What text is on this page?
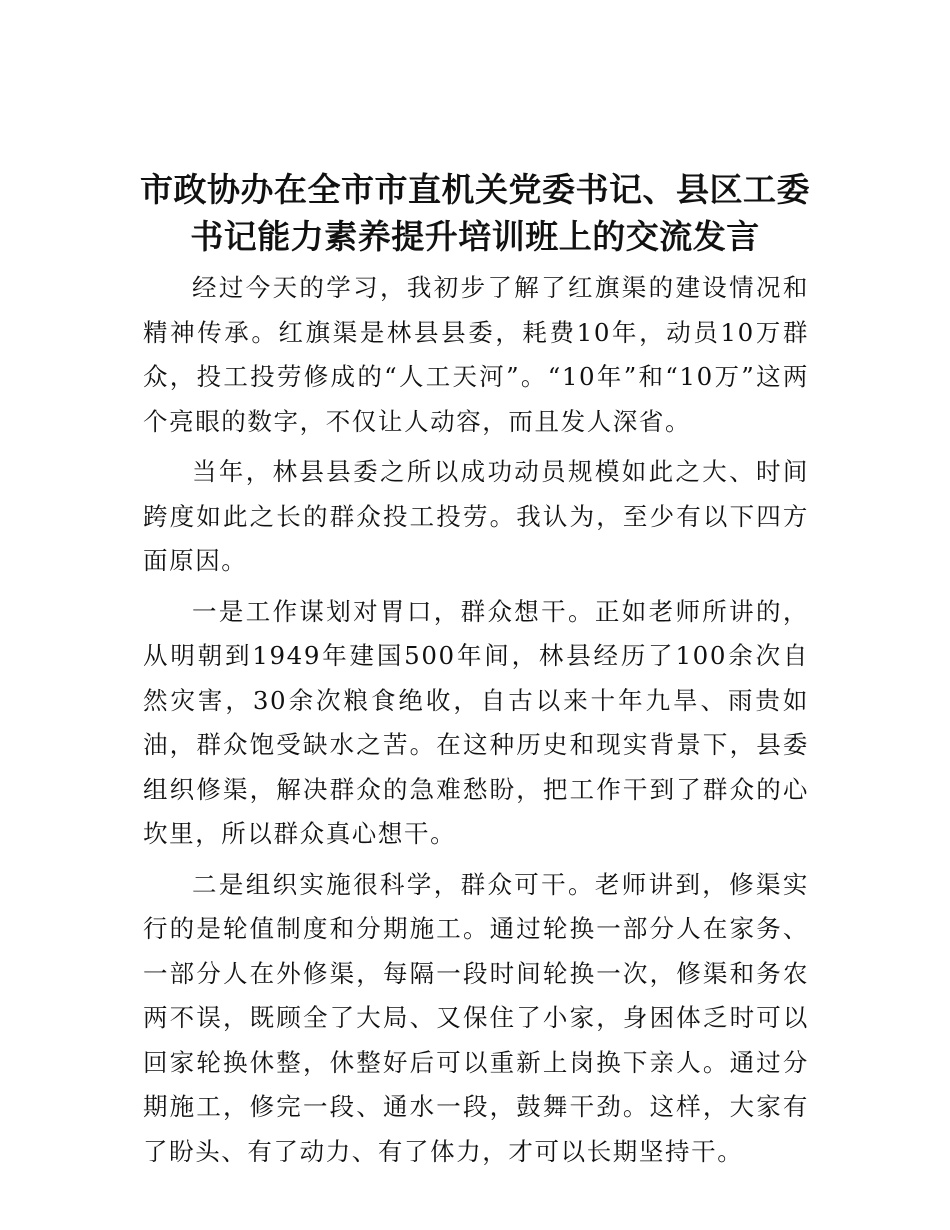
市政协办在全市市直机关党委书记、县区工委
书记能力素养提升培训班上的交流发言

经过今天的学习，我初步了解了红旗渠的建设情况和精神传承。红旗渠是林县县委，耗费10年，动员10万群众，投工投劳修成的“人工天河”。“10年”和“10万”这两个亮眼的数字，不仅让人动容，而且发人深省。

当年，林县县委之所以成功动员规模如此之大、时间跨度如此之长的群众投工投劳。我认为，至少有以下四方面原因。

一是工作谋划对胃口，群众想干。正如老师所讲的，从明朝到1949年建国500年间，林县经历了100余次自然灾害，30余次粮食绝收，自古以来十年九旱、雨贵如油，群众饱受缺水之苦。在这种历史和现实背景下，县委组织修渠，解决群众的急难愁盼，把工作干到了群众的心坎里，所以群众真心想干。

二是组织实施很科学，群众可干。老师讲到，修渠实行的是轮值制度和分期施工。通过轮换一部分人在家务、一部分人在外修渠，每隔一段时间轮换一次，修渠和务农两不误，既顾全了大局、又保住了小家，身困体乏时可以回家轮换休整，休整好后可以重新上岗换下亲人。通过分期施工，修完一段、通水一段，鼓舞干劲。这样，大家有了盼头、有了动力、有了体力，才可以长期坚持干。
